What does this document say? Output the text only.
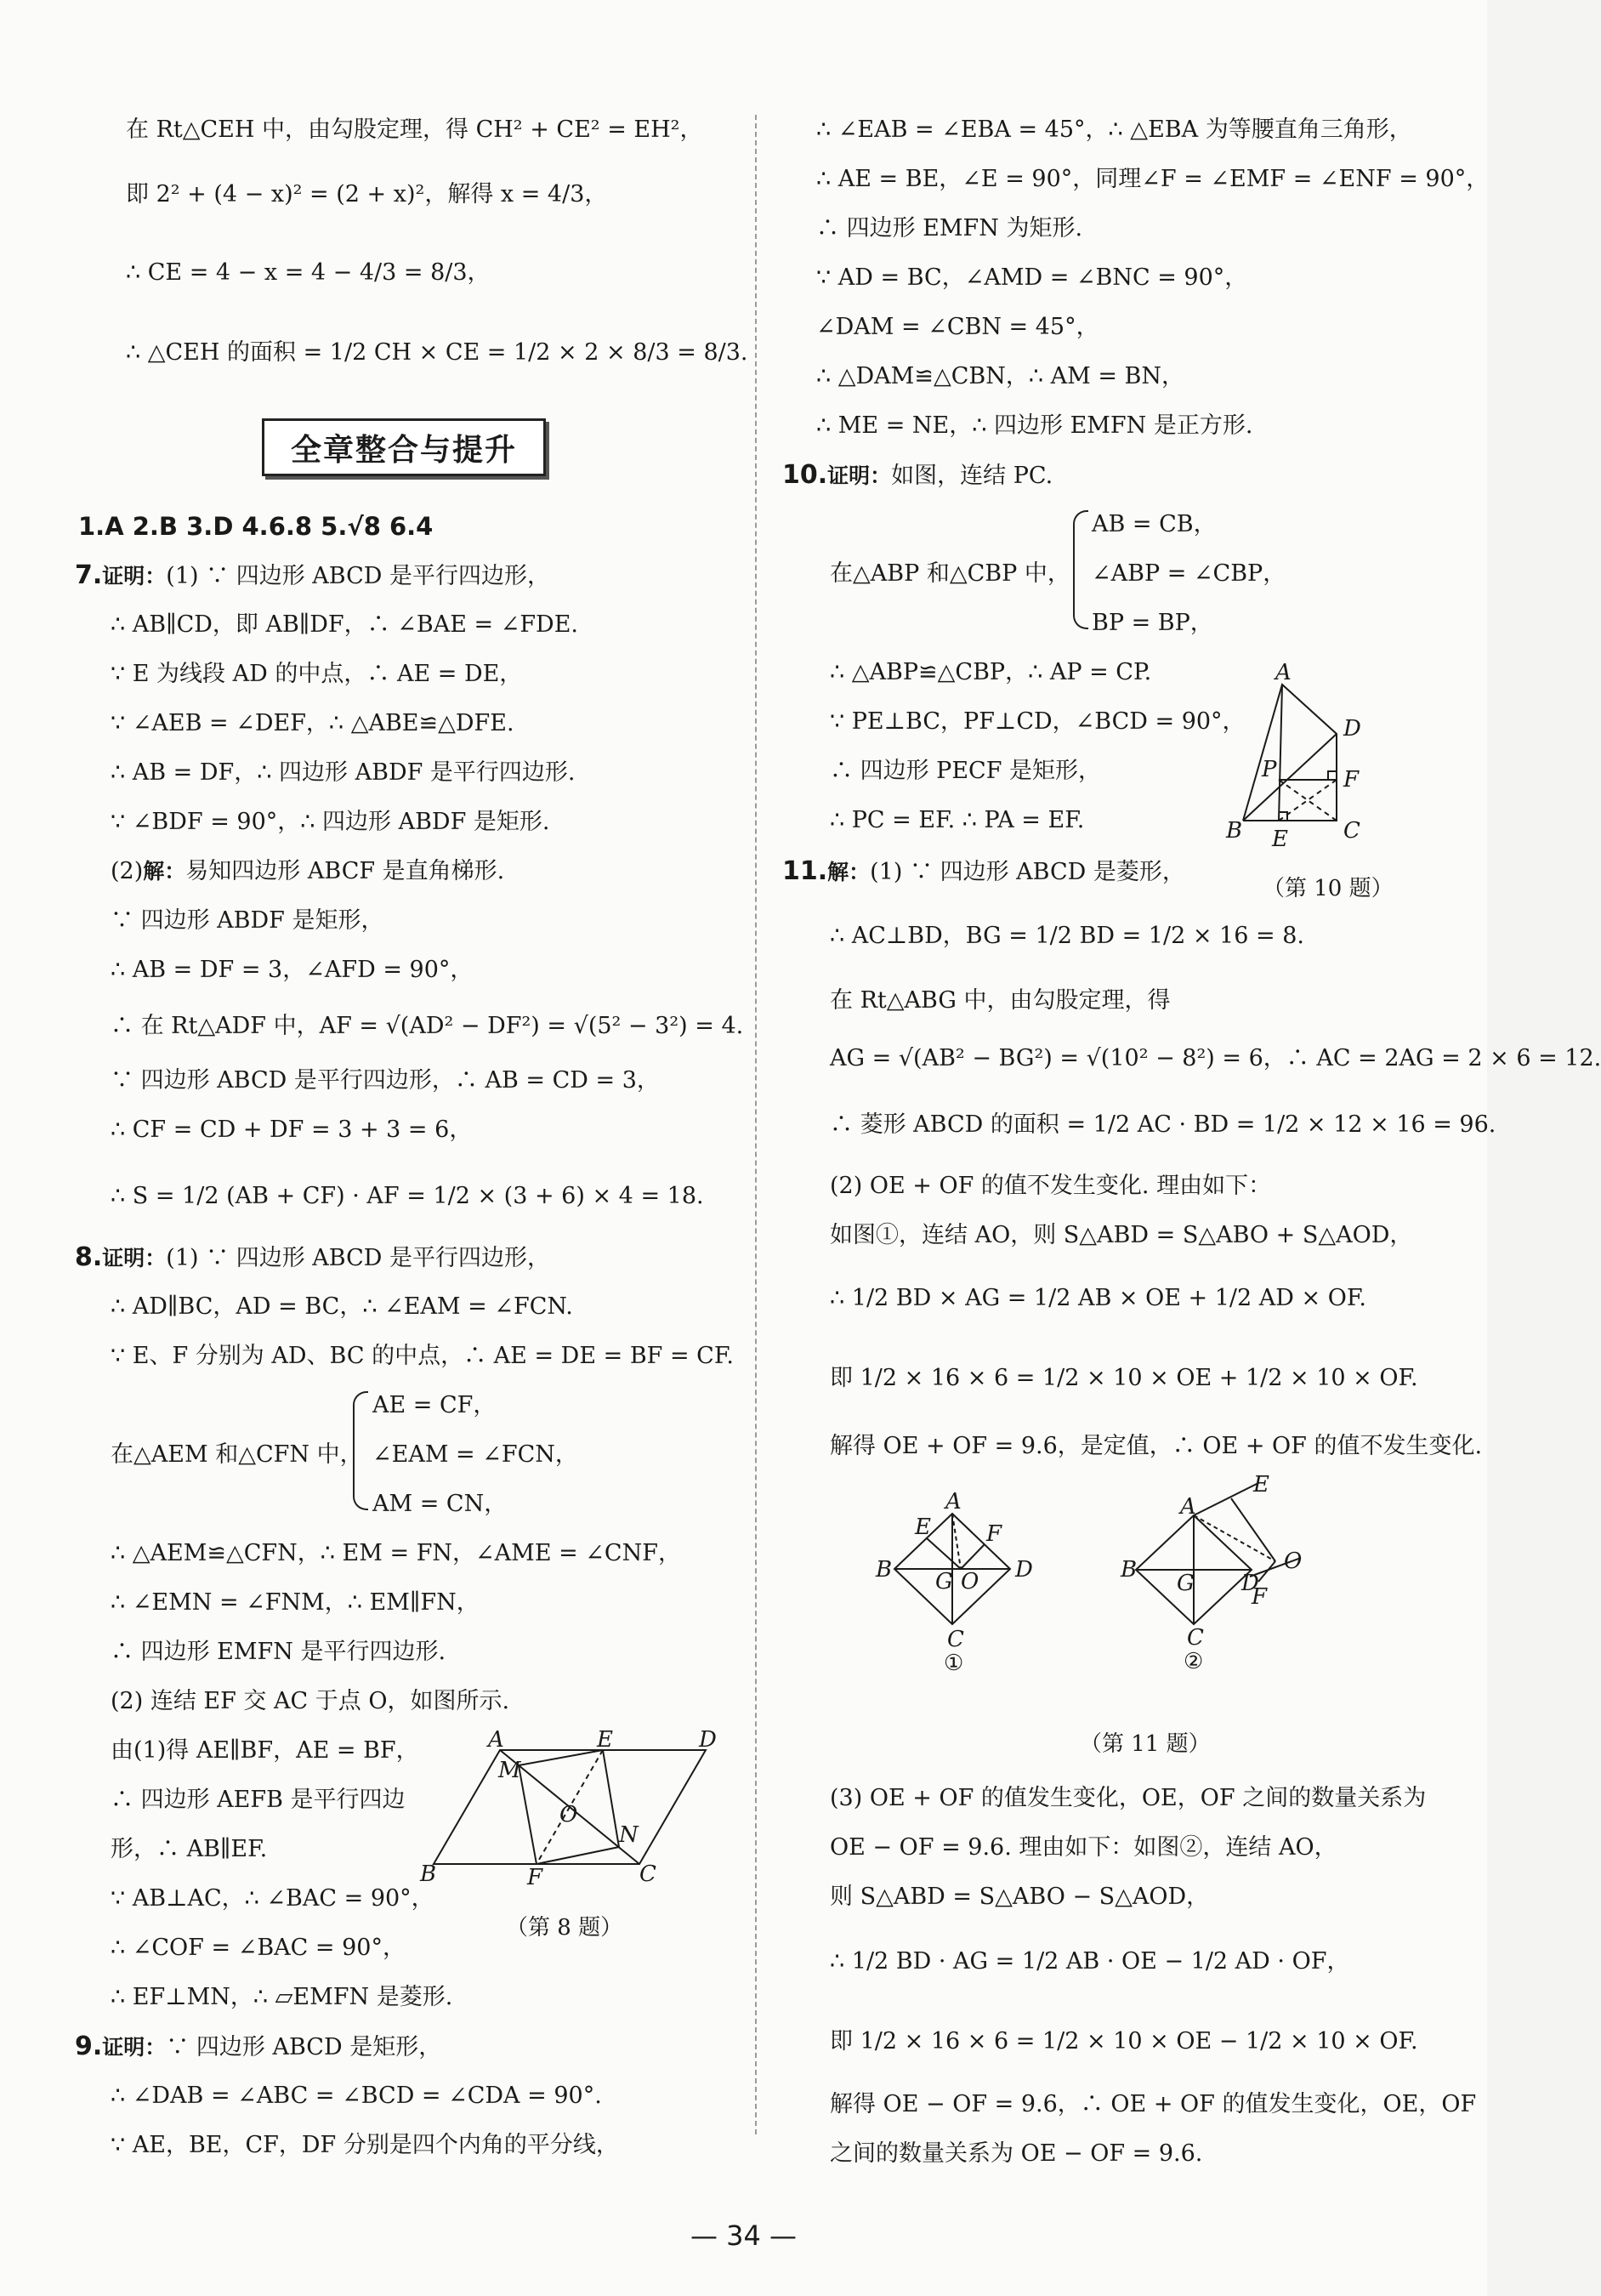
在 Rt△CEH 中，由勾股定理，得 CH² + CE² = EH²，
即 2² + (4 − x)² = (2 + x)²，解得 x = 4/3，
∴ CE = 4 − x = 4 − 4/3 = 8/3，
∴ △CEH 的面积 = 1/2 CH × CE = 1/2 × 2 × 8/3 = 8/3.
全章整合与提升
1.A 2.B 3.D 4.6.8 5.√8 6.4
7.证明：(1) ∵ 四边形 ABCD 是平行四边形，
∴ AB∥CD，即 AB∥DF，∴ ∠BAE = ∠FDE.
∵ E 为线段 AD 的中点，∴ AE = DE，
∵ ∠AEB = ∠DEF，∴ △ABE≌△DFE.
∴ AB = DF，∴ 四边形 ABDF 是平行四边形.
∵ ∠BDF = 90°，∴ 四边形 ABDF 是矩形.
(2)解：易知四边形 ABCF 是直角梯形.
∵ 四边形 ABDF 是矩形，
∴ AB = DF = 3，∠AFD = 90°，
∴ 在 Rt△ADF 中，AF = √(AD² − DF²) = √(5² − 3²) = 4.
∵ 四边形 ABCD 是平行四边形，∴ AB = CD = 3，
∴ CF = CD + DF = 3 + 3 = 6，
∴ S = 1/2 (AB + CF) · AF = 1/2 × (3 + 6) × 4 = 18.
8.证明：(1) ∵ 四边形 ABCD 是平行四边形，
∴ AD∥BC，AD = BC，∴ ∠EAM = ∠FCN.
∵ E、F 分别为 AD、BC 的中点，∴ AE = DE = BF = CF.
AE = CF，
在△AEM 和△CFN 中， ∠EAM = ∠FCN，
AM = CN，
∴ △AEM≌△CFN，∴ EM = FN，∠AME = ∠CNF，
∴ ∠EMN = ∠FNM，∴ EM∥FN，
∴ 四边形 EMFN 是平行四边形.
(2) 连结 EF 交 AC 于点 O，如图所示.
由(1)得 AE∥BF，AE = BF，
∴ 四边形 AEFB 是平行四边
形，∴ AB∥EF.
∵ AB⊥AC，∴ ∠BAC = 90°，
∴ ∠COF = ∠BAC = 90°，
∴ EF⊥MN，∴ ▱EMFN 是菱形.
9.证明：∵ 四边形 ABCD 是矩形，
∴ ∠DAB = ∠ABC = ∠BCD = ∠CDA = 90°.
∵ AE，BE，CF，DF 分别是四个内角的平分线，
A	E	D
M
O
N
B	F	C
（第 8 题）
∴ ∠EAB = ∠EBA = 45°，∴ △EBA 为等腰直角三角形，
∴ AE = BE，∠E = 90°，同理∠F = ∠EMF = ∠ENF = 90°，
∴ 四边形 EMFN 为矩形.
∵ AD = BC，∠AMD = ∠BNC = 90°，
∠DAM = ∠CBN = 45°，
∴ △DAM≌△CBN，∴ AM = BN，
∴ ME = NE，∴ 四边形 EMFN 是正方形.
10.证明：如图，连结 PC.
AB = CB，
在△ABP 和△CBP 中， ∠ABP = ∠CBP，
BP = BP，
∴ △ABP≌△CBP，∴ AP = CP.
∵ PE⊥BC，PF⊥CD，∠BCD = 90°，
∴ 四边形 PECF 是矩形，
∴ PC = EF. ∴ PA = EF.
A
D
P	F
B E	C
（第 10 题）
11.解：(1) ∵ 四边形 ABCD 是菱形，
∴ AC⊥BD，BG = 1/2 BD = 1/2 × 16 = 8.
在 Rt△ABG 中，由勾股定理，得
AG = √(AB² − BG²) = √(10² − 8²) = 6，∴ AC = 2AG = 2 × 6 = 12.
∴ 菱形 ABCD 的面积 = 1/2 AC · BD = 1/2 × 12 × 16 = 96.
(2) OE + OF 的值不发生变化. 理由如下：
如图①，连结 AO，则 S△ABD = S△ABO + S△AOD，
∴ 1/2 BD × AG = 1/2 AB × OE + 1/2 AD × OF.
即 1/2 × 16 × 6 = 1/2 × 10 × OE + 1/2 × 10 × OF.
解得 OE + OF = 9.6，是定值，∴ OE + OF 的值不发生变化.
E
A
F
B G O D
C
①
E
A
B
G D
O
F
C
②
（第 11 题）
(3) OE + OF 的值发生变化，OE，OF 之间的数量关系为
OE − OF = 9.6. 理由如下：如图②，连结 AO，
则 S△ABD = S△ABO − S△AOD，
∴ 1/2 BD · AG = 1/2 AB · OE − 1/2 AD · OF，
即 1/2 × 16 × 6 = 1/2 × 10 × OE − 1/2 × 10 × OF.
解得 OE − OF = 9.6，∴ OE + OF 的值发生变化，OE，OF
之间的数量关系为 OE − OF = 9.6.
— 34 —
